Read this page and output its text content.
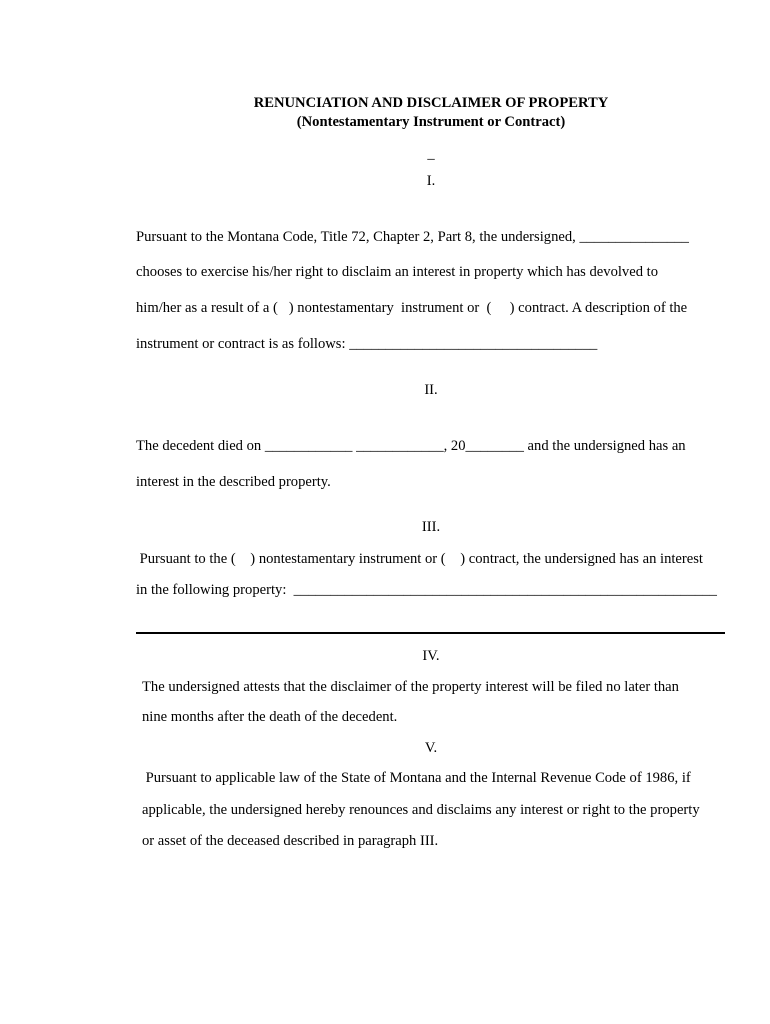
RENUNCIATION AND DISCLAIMER OF PROPERTY
(Nontestamentary Instrument or Contract)
_
I.
Pursuant to the Montana Code, Title 72, Chapter 2, Part 8, the undersigned, _______________
chooses to exercise his/her right to disclaim an interest in property which has devolved to
him/her as a result of a (   ) nontestamentary  instrument or  (     ) contract. A description of the
instrument or contract is as follows: __________________________________
II.
The decedent died on ____________ ____________, 20________ and the undersigned has an
interest in the described property.
III.
Pursuant to the (    ) nontestamentary instrument or (    ) contract, the undersigned has an interest
in the following property:  __________________________________________________________
IV.
The undersigned attests that the disclaimer of the property interest will be filed no later than
nine months after the death of the decedent.
V.
Pursuant to applicable law of the State of Montana and the Internal Revenue Code of 1986, if
applicable, the undersigned hereby renounces and disclaims any interest or right to the property
or asset of the deceased described in paragraph III.
